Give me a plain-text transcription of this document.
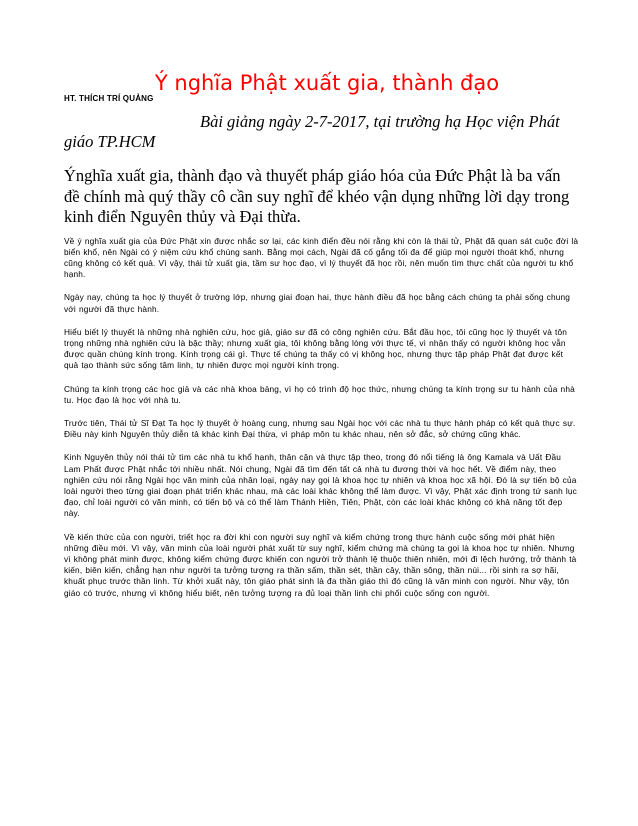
Ý nghĩa Phật xuất gia, thành đạo
HT. THÍCH TRÍ QUẢNG

Bài giảng ngày 2-7-2017, tại trường hạ Học viện Phát giáo TP.HCM

Ýnghĩa xuất gia, thành đạo và thuyết pháp giáo hóa của Đức Phật là ba vấn đề chính mà quý thầy cô cần suy nghĩ để khéo vận dụng những lời dạy trong kinh điển Nguyên thủy và Đại thừa.

Về ý nghĩa xuất gia của Đức Phật xin được nhắc sơ lại, các kinh điển đều nói rằng khi còn là thái tử, Phật đã quan sát cuộc đời là biển khổ, nên Ngài có ý niệm cứu khổ chúng sanh. Bằng mọi cách, Ngài đã cố gắng tối đa để giúp mọi người thoát khổ, nhưng cũng không có kết quả. Vì vậy, thái tử xuất gia, tầm sư học đạo, vì lý thuyết đã học rồi, nên muốn tìm thực chất của người tu khổ hạnh.

Ngày nay, chúng ta học lý thuyết ở trường lớp, nhưng giai đoạn hai, thực hành điều đã học bằng cách chúng ta phải sống chung với người đã thực hành.

Hiểu biết lý thuyết là những nhà nghiên cứu, học giả, giáo sư đã có công nghiên cứu. Bắt đầu học, tôi cũng học lý thuyết và tôn trọng những nhà nghiên cứu là bậc thầy; nhưng xuất gia, tôi không bằng lòng với thực tế, vì nhận thấy có người không học vẫn được quần chúng kính trọng. Kính trọng cái gì. Thực tế chúng ta thấy có vị không học, nhưng thực tập pháp Phật đạt được kết quả tạo thành sức sống tâm linh, tự nhiên được mọi người kính trọng.

Chúng ta kính trọng các học giả và các nhà khoa bảng, vì họ có trình độ học thức, nhưng chúng ta kính trọng sư tu hành của nhà tu. Học đạo là học với nhà tu.

Trước tiên, Thái tử Sĩ Đạt Ta học lý thuyết ở hoàng cung, nhưng sau Ngài học với các nhà tu thực hành pháp có kết quả thực sự. Điều này kinh Nguyên thủy diễn tả khác kinh Đại thừa, vì pháp môn tu khác nhau, nên sở đắc, sở chứng cũng khác.

Kinh Nguyên thủy nói thái tử tìm các nhà tu khổ hạnh, thân cận và thực tập theo, trong đó nổi tiếng là ông Kamala và Uất Đầu Lam Phất được Phật nhắc tới nhiều nhất. Nói chung, Ngài đã tìm đến tất cả nhà tu đương thời và học hết. Về điểm này, theo nghiên cứu nói rằng Ngài học văn minh của nhân loại, ngày nay gọi là khoa học tự nhiên và khoa học xã hội. Đó là sự tiến bộ của loài người theo từng giai đoạn phát triển khác nhau, mà các loài khác không thể làm được. Vì vậy, Phật xác định trong tứ sanh lục đạo, chỉ loài người có văn minh, có tiến bộ và có thể làm Thánh Hiền, Tiên, Phật, còn các loài khác không có khả năng tốt đẹp này.

Về kiến thức của con người, triết học ra đời khi con người suy nghĩ và kiểm chứng trong thực hành cuộc sống mới phát hiện những điều mới. Vì vậy, văn minh của loài người phát xuất từ suy nghĩ, kiểm chứng mà chúng ta gọi là khoa học tự nhiên. Nhưng vì không phát minh được, không kiểm chứng được khiến con người trở thành lệ thuộc thiên nhiên, mới đi lệch hướng, trở thành tà kiến, biên kiến, chẳng hạn như người ta tưởng tượng ra thần sấm, thần sét, thần cây, thần sông, thần núi... rồi sinh ra sợ hãi, khuất phục trước thần linh. Từ khởi xuất này, tôn giáo phát sinh là đa thần giáo thì đó cũng là văn minh con người. Như vậy, tôn giáo có trước, nhưng vì không hiểu biết, nên tưởng tượng ra đủ loại thần linh chi phối cuộc sống con người.
